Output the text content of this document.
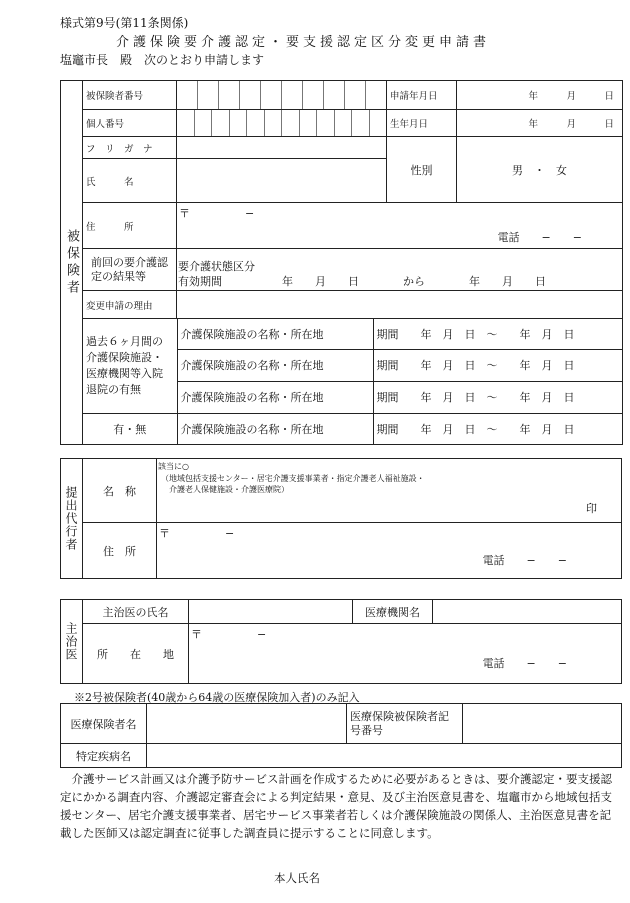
様式第9号(第11条関係)
介護保険要介護認定・要支援認定区分変更申請書
塩竈市長　殿　次のとおり申請します
被保険者	被保険者番号		申請年月日	年　　　月　　　日
個人番号		生年月日	年　　　月　　　日
フ　リ　ガ　ナ		性別	男　・　女
氏　　　名	
住　　　所	
〒　　　　　−
電話　　−　　−

前回の要介護認定の結果等	
要介護状態区分
有効期間	年　　月　　日　　　　から　　　　年　　月　　日

変更申請の理由	

過去６ヶ月間の介護保険施設・医療機関等入院退院の有無	介護保険施設の名称・所在地	期間　　 年　月　日　〜　　年　月　日
介護保険施設の名称・所在地	期間　　 年　月　日　〜　　年　月　日
介護保険施設の名称・所在地	期間　　 年　月　日　〜　　年　月　日

有・無	介護保険施設の名称・所在地	期間　　 年　月　日　〜　　年　月　日
提出代行者	名　称	該当に○
（地域包括支援センター・居宅介護支援事業者・指定介護老人福祉施設・
介護老人保健施設・介護医療院）
印

	住　所	〒　　　　　−
電話　　−　　−
主治医	主治医の氏名		医療機関名	
	所　　在　　地	〒　　　　　−
電話　　−　　−		
※2号被保険者(40歳から64歳の医療保険加入者)のみ記入
医療保険者名		医療保険被保険者記号番号	
特定疾病名			
介護サービス計画又は介護予防サービス計画を作成するために必要があるときは、要介護認定・要支援認定にかかる調査内容、介護認定審査会による判定結果・意見、及び主治医意見書を、塩竈市から地域包括支援センター、居宅介護支援事業者、居宅サービス事業者若しくは介護保険施設の関係人、主治医意見書を記載した医師又は認定調査に従事した調査員に提示することに同意します。
本人氏名
